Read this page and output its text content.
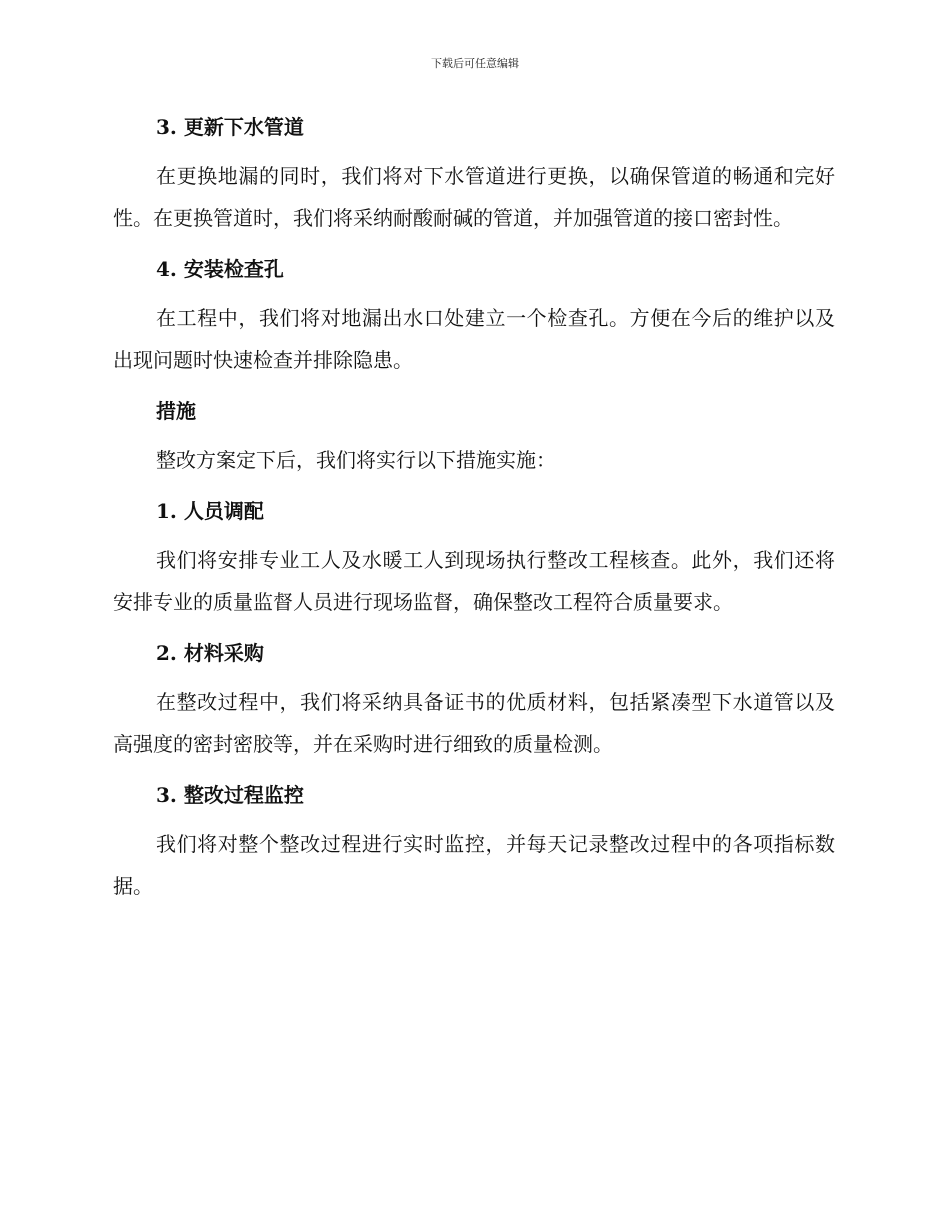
下载后可任意编辑
3. 更新下水管道

在更换地漏的同时，我们将对下水管道进行更换，以确保管道的畅通和完好性。在更换管道时，我们将采纳耐酸耐碱的管道，并加强管道的接口密封性。

4. 安装检查孔

在工程中，我们将对地漏出水口处建立一个检查孔。方便在今后的维护以及出现问题时快速检查并排除隐患。

措施

整改方案定下后，我们将实行以下措施实施：

1. 人员调配

我们将安排专业工人及水暖工人到现场执行整改工程核查。此外，我们还将安排专业的质量监督人员进行现场监督，确保整改工程符合质量要求。

2. 材料采购

在整改过程中，我们将采纳具备证书的优质材料，包括紧凑型下水道管以及高强度的密封密胶等，并在采购时进行细致的质量检测。

3. 整改过程监控

我们将对整个整改过程进行实时监控，并每天记录整改过程中的各项指标数据。
